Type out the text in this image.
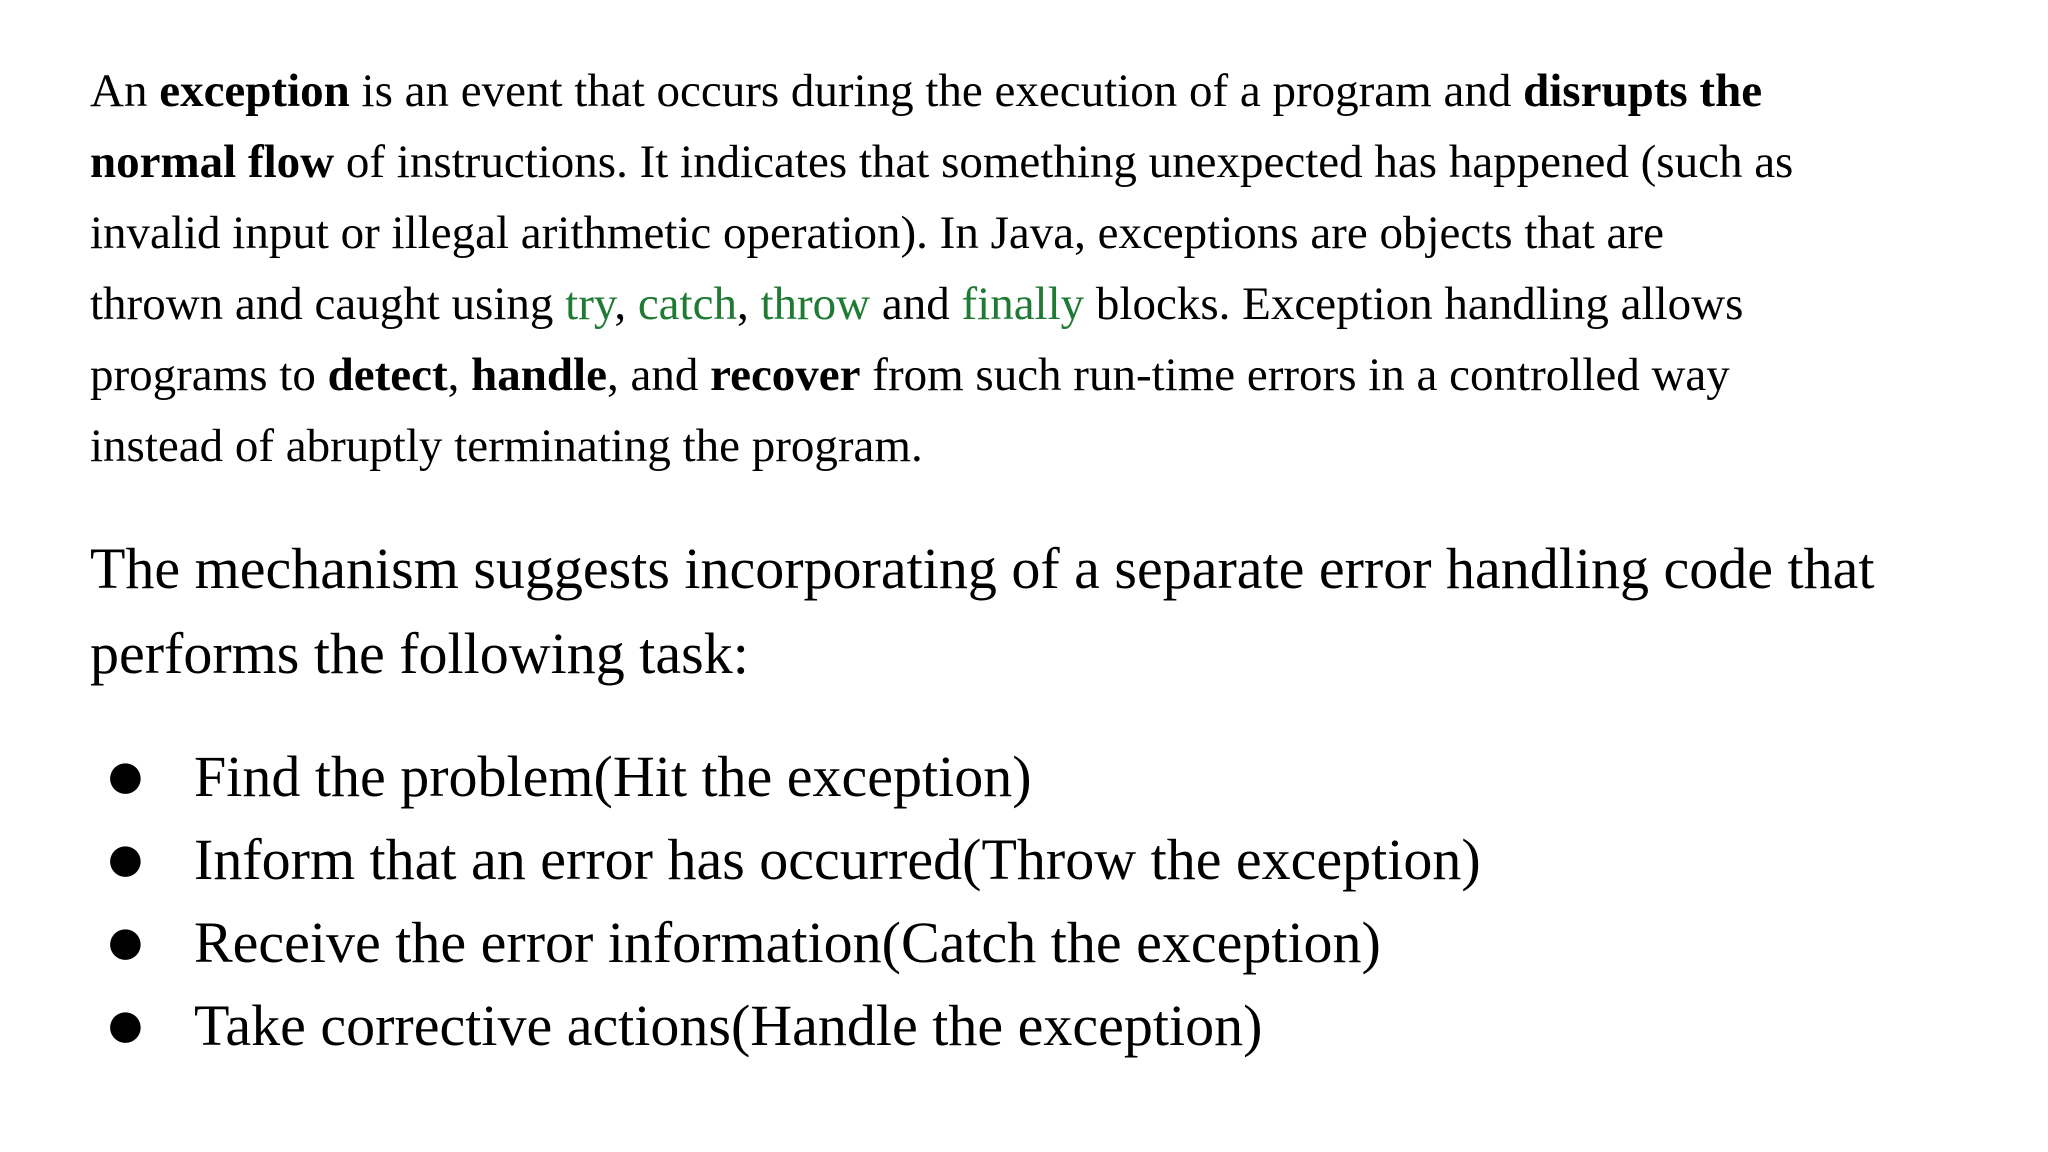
An exception is an event that occurs during the execution of a program and disrupts the
normal flow of instructions. It indicates that something unexpected has happened (such as
invalid input or illegal arithmetic operation). In Java, exceptions are objects that are
thrown and caught using try, catch, throw and finally blocks. Exception handling allows
programs to detect, handle, and recover from such run-time errors in a controlled way
instead of abruptly terminating the program.

The mechanism suggests incorporating of a separate error handling code that
performs the following task:

● Find the problem(Hit the exception)
● Inform that an error has occurred(Throw the exception)
● Receive the error information(Catch the exception)
● Take corrective actions(Handle the exception)
